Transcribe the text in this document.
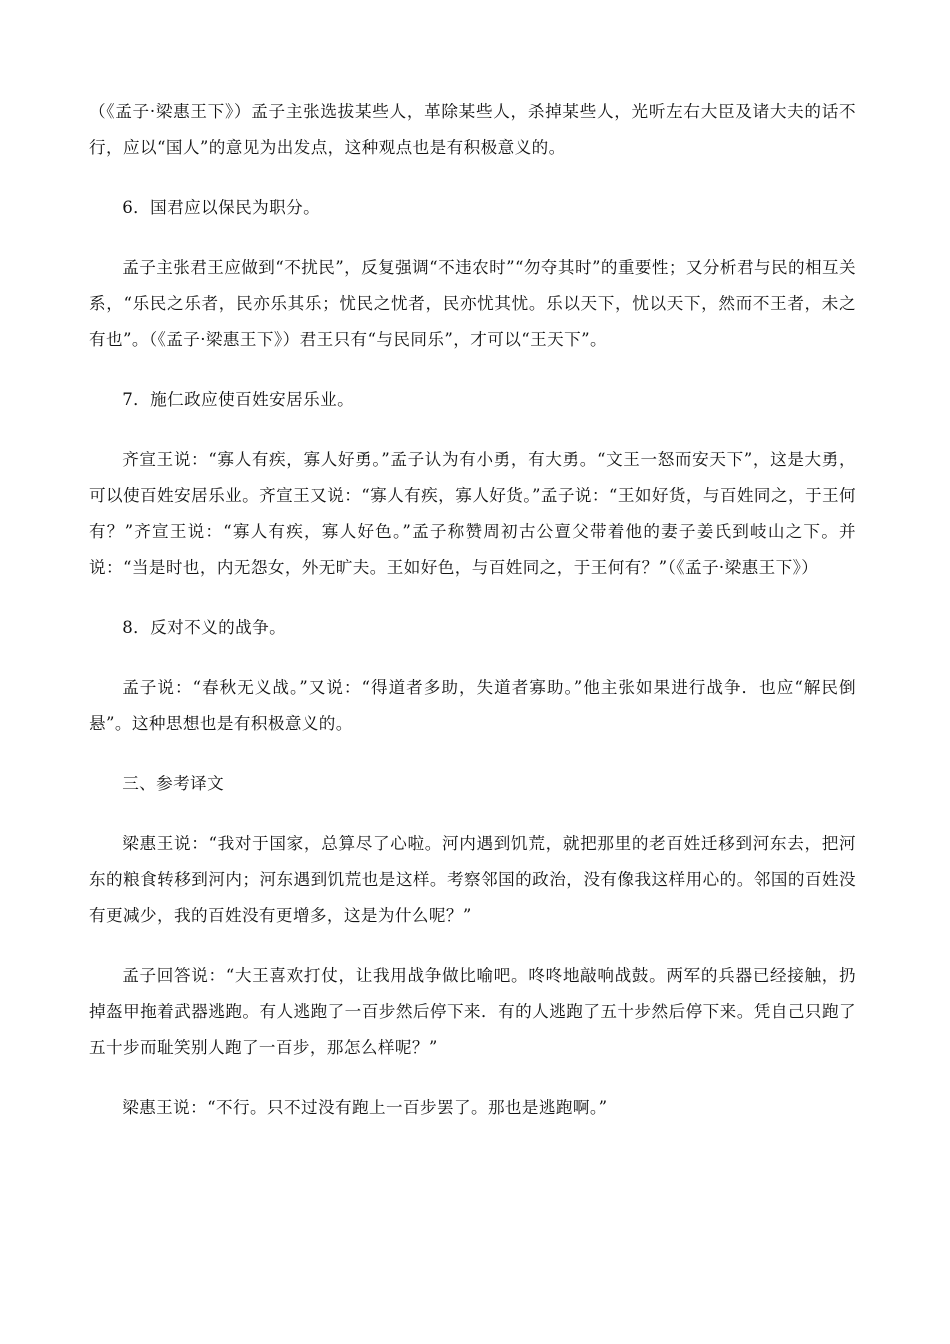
（《孟子·梁惠王下》）孟子主张选拔某些人，革除某些人，杀掉某些人，光听左右大臣及诸大夫的话不行，应以“国人”的意见为出发点，这种观点也是有积极意义的。

6．国君应以保民为职分。

孟子主张君王应做到“不扰民”，反复强调“不违农时”“勿夺其时”的重要性；又分析君与民的相互关系，“乐民之乐者，民亦乐其乐；忧民之忧者，民亦忧其忧。乐以天下，忧以天下，然而不王者，未之有也”。（《孟子·梁惠王下》）君王只有“与民同乐”，才可以“王天下”。

7．施仁政应使百姓安居乐业。

齐宣王说：“寡人有疾，寡人好勇。”孟子认为有小勇，有大勇。“文王一怒而安天下”，这是大勇，可以使百姓安居乐业。齐宣王又说：“寡人有疾，寡人好货。”孟子说：“王如好货，与百姓同之，于王何有？”齐宣王说：“寡人有疾，寡人好色。”孟子称赞周初古公亶父带着他的妻子姜氏到岐山之下。并说：“当是时也，内无怨女，外无旷夫。王如好色，与百姓同之，于王何有？”（《孟子·梁惠王下》）

8．反对不义的战争。

孟子说：“春秋无义战。”又说：“得道者多助，失道者寡助。”他主张如果进行战争．也应“解民倒悬”。这种思想也是有积极意义的。

三、参考译文

梁惠王说：“我对于国家，总算尽了心啦。河内遇到饥荒，就把那里的老百姓迁移到河东去，把河东的粮食转移到河内；河东遇到饥荒也是这样。考察邻国的政治，没有像我这样用心的。邻国的百姓没有更减少，我的百姓没有更增多，这是为什么呢？”

孟子回答说：“大王喜欢打仗，让我用战争做比喻吧。咚咚地敲响战鼓。两军的兵器已经接触，扔掉盔甲拖着武器逃跑。有人逃跑了一百步然后停下来．有的人逃跑了五十步然后停下来。凭自己只跑了五十步而耻笑别人跑了一百步，那怎么样呢？”

梁惠王说：“不行。只不过没有跑上一百步罢了。那也是逃跑啊。”
